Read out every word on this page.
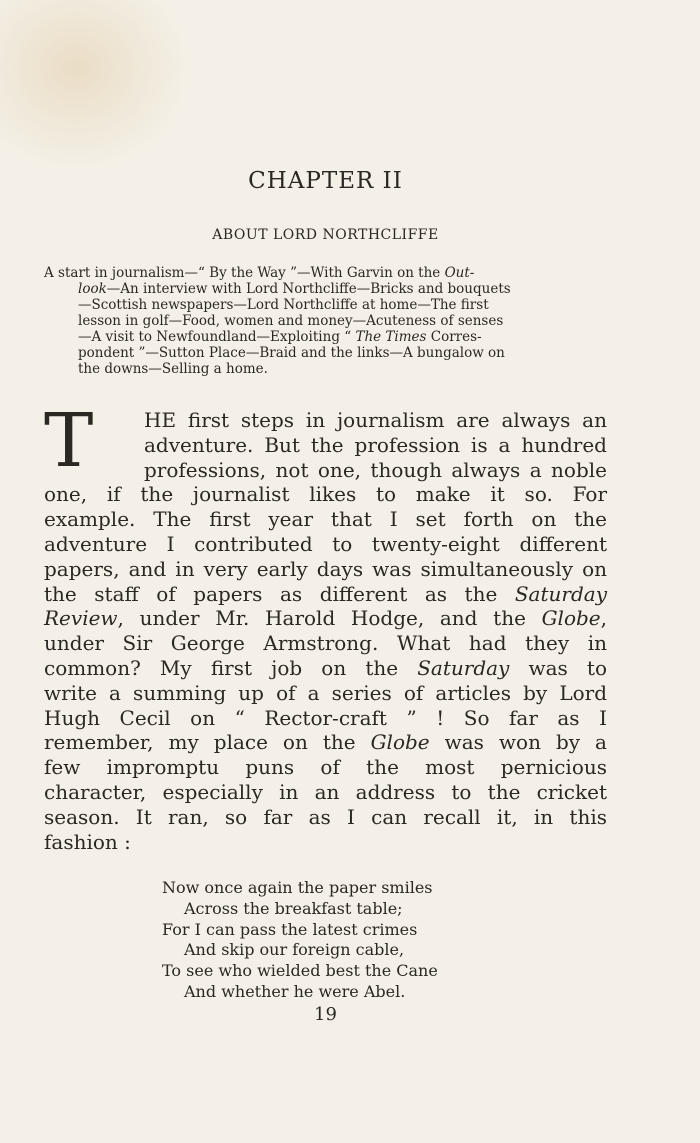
CHAPTER II
ABOUT LORD NORTHCLIFFE
A start in journalism—“ By the Way ”—With Garvin on the Out-
look—An interview with Lord Northcliffe—Bricks and bouquets
—Scottish newspapers—Lord Northcliffe at home—The first
lesson in golf—Food, women and money—Acuteness of senses
—A visit to Newfoundland—Exploiting “ The Times Corres-
pondent ”—Sutton Place—Braid and the links—A bungalow on
the downs—Selling a home.
T	HE first steps in journalism are always an
adventure. But the profession is a hundred
professions, not one, though always a noble
one, if the journalist likes to make it so. For
example. The first year that I set forth on the
adventure I contributed to twenty-eight different
papers, and in very early days was simultaneously on
the staff of papers as different as the Saturday
Review, under Mr. Harold Hodge, and the Globe,
under Sir George Armstrong. What had they in
common? My first job on the Saturday was to
write a summing up of a series of articles by Lord
Hugh Cecil on “ Rector-craft ” ! So far as I
remember, my place on the Globe was won by a
few impromptu puns of the most pernicious
character, especially in an address to the cricket
season. It ran, so far as I can recall it, in this
fashion :
Now once again the paper smiles
Across the breakfast table;
For I can pass the latest crimes
And skip our foreign cable,
To see who wielded best the Cane
And whether he were Abel.
19
